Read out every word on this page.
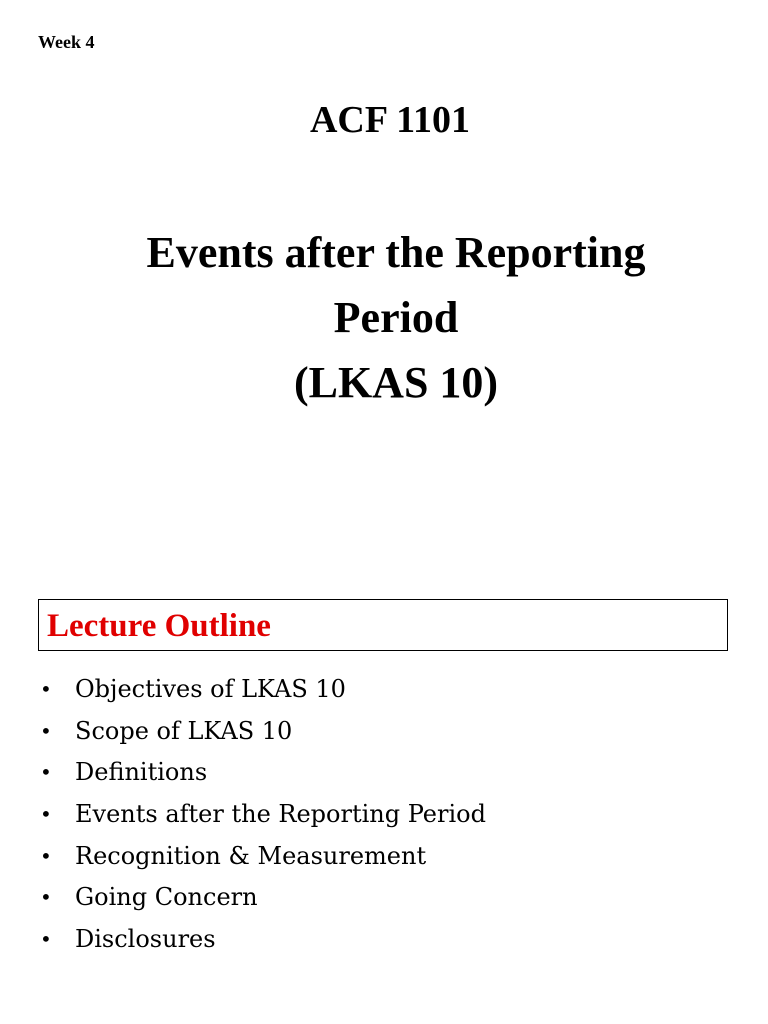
Week 4
ACF 1101
Events after the Reporting
Period
(LKAS 10)
Lecture Outline
• Objectives of LKAS 10
• Scope of LKAS 10
• Definitions
• Events after the Reporting Period
• Recognition & Measurement
• Going Concern
• Disclosures
